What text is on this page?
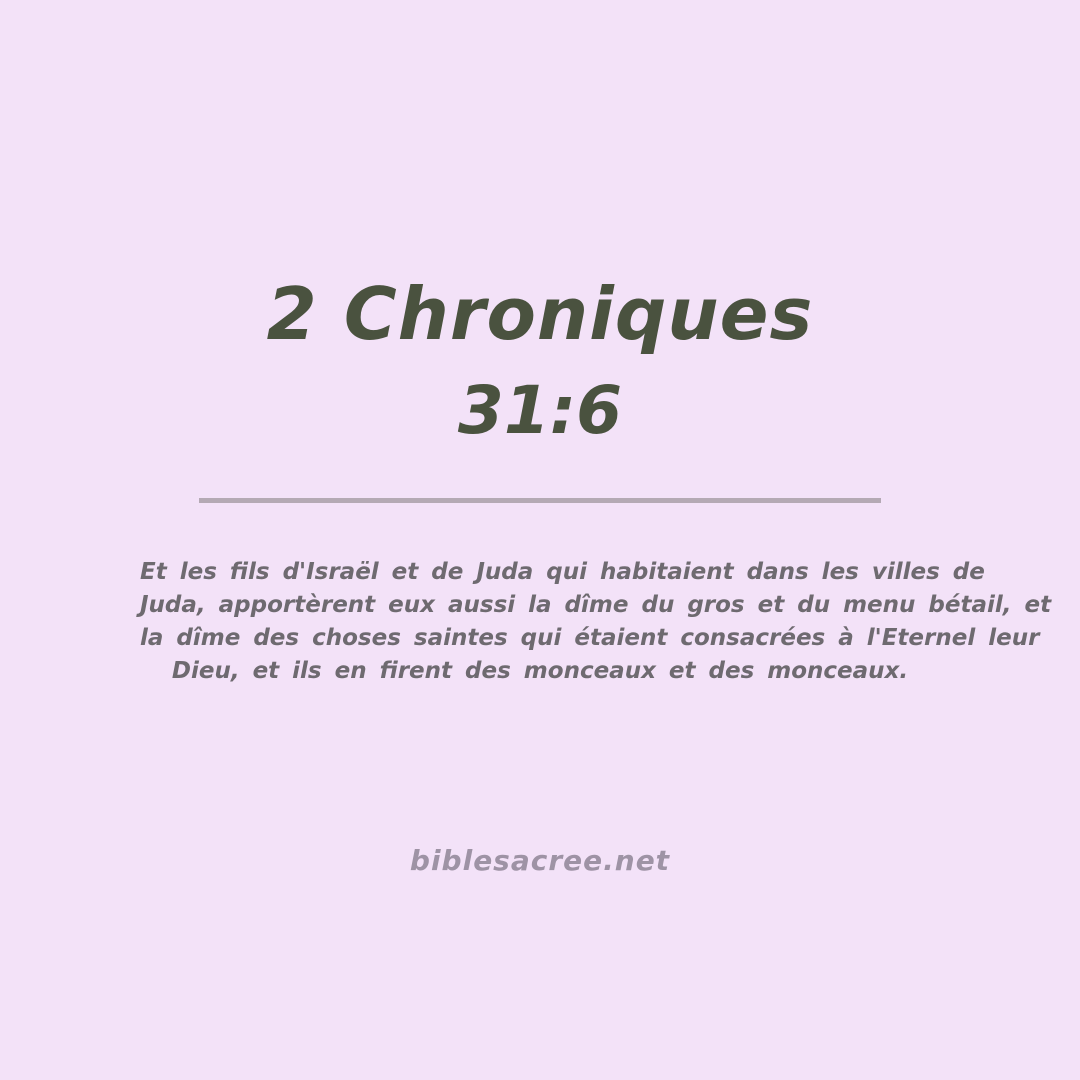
2 Chroniques
31:6
Et les fils d'Israël et de Juda qui habitaient dans les villes de
Juda, apportèrent eux aussi la dîme du gros et du menu bétail, et
la dîme des choses saintes qui étaient consacrées à l'Eternel leur
Dieu, et ils en firent des monceaux et des monceaux.
biblesacree.net
